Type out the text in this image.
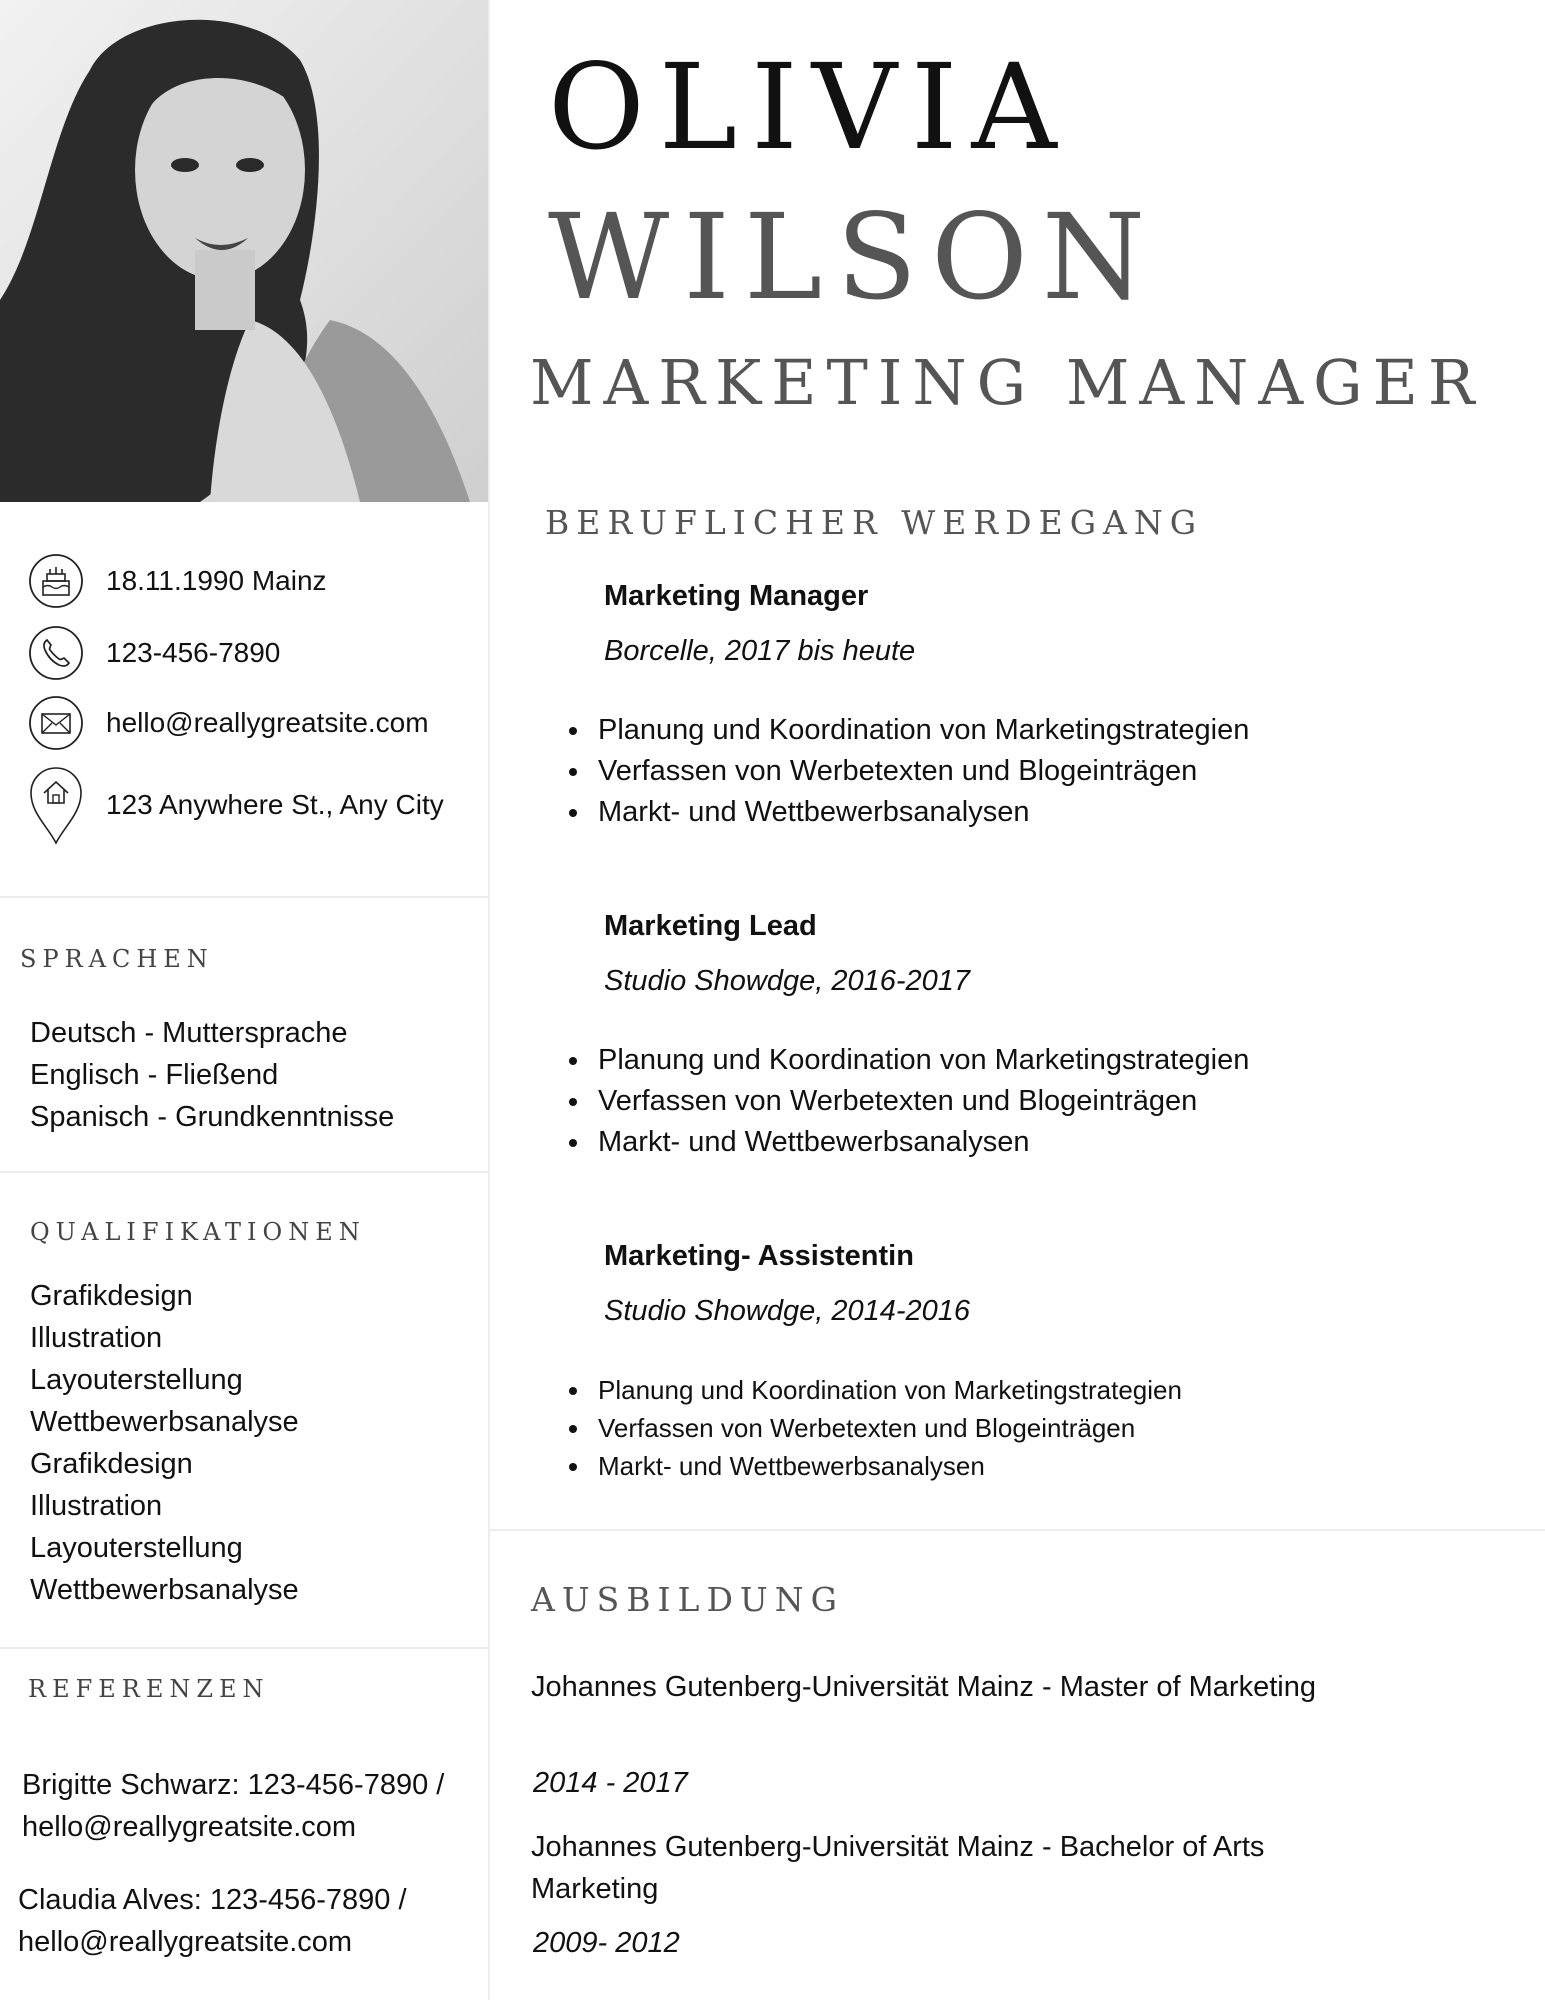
18.11.1990 Mainz
123-456-7890
hello@reallygreatsite.com
123 Anywhere St., Any City
SPRACHEN
Deutsch - Muttersprache
Englisch - Fließend
Spanisch - Grundkenntnisse
QUALIFIKATIONEN
Grafikdesign
Illustration
Layouterstellung
Wettbewerbsanalyse
Grafikdesign
Illustration
Layouterstellung
Wettbewerbsanalyse
REFERENZEN
Brigitte Schwarz: 123-456-7890 /
hello@reallygreatsite.com
Claudia Alves: 123-456-7890 /
hello@reallygreatsite.com
OLIVIA
WILSON
MARKETING MANAGER
BERUFLICHER WERDEGANG
Marketing Manager
Borcelle, 2017 bis heute
• Planung und Koordination von Marketingstrategien
• Verfassen von Werbetexten und Blogeinträgen
• Markt- und Wettbewerbsanalysen
Marketing Lead
Studio Showdge, 2016-2017
• Planung und Koordination von Marketingstrategien
• Verfassen von Werbetexten und Blogeinträgen
• Markt- und Wettbewerbsanalysen
Marketing- Assistentin
Studio Showdge, 2014-2016
• Planung und Koordination von Marketingstrategien
• Verfassen von Werbetexten und Blogeinträgen
• Markt- und Wettbewerbsanalysen
AUSBILDUNG
Johannes Gutenberg-Universität Mainz - Master of Marketing
2014 - 2017
Johannes Gutenberg-Universität Mainz - Bachelor of Arts Marketing
2009- 2012
